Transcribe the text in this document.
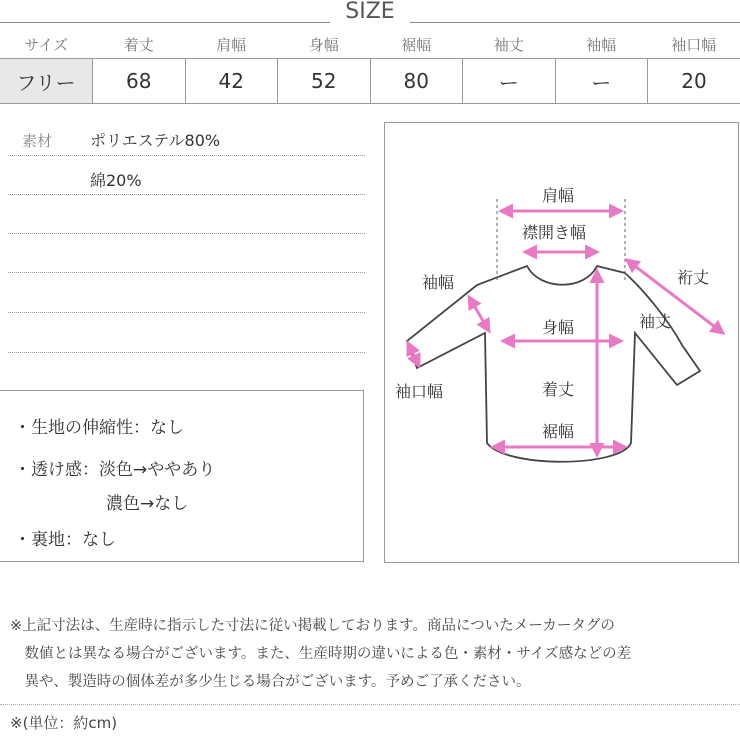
SIZE
サイズ	着丈	肩幅	身幅	裾幅	袖丈	袖幅	袖口幅
フリー	68	42	52	80	ー	ー	20
素材 ポリエステル80%
綿20%
・生地の伸縮性：なし
・透け感：淡色→ややあり
濃色→なし
・裏地：なし
肩幅
襟開き幅
裄丈
袖幅
袖丈
身幅
袖口幅	着丈
裾幅
※上記寸法は、生産時に指示した寸法に従い掲載しております。商品についたメーカータグの
　数値とは異なる場合がございます。また、生産時期の違いによる色・素材・サイズ感などの差
　異や、製造時の個体差が多少生じる場合がございます。予めご了承ください。
※(単位：約cm)
